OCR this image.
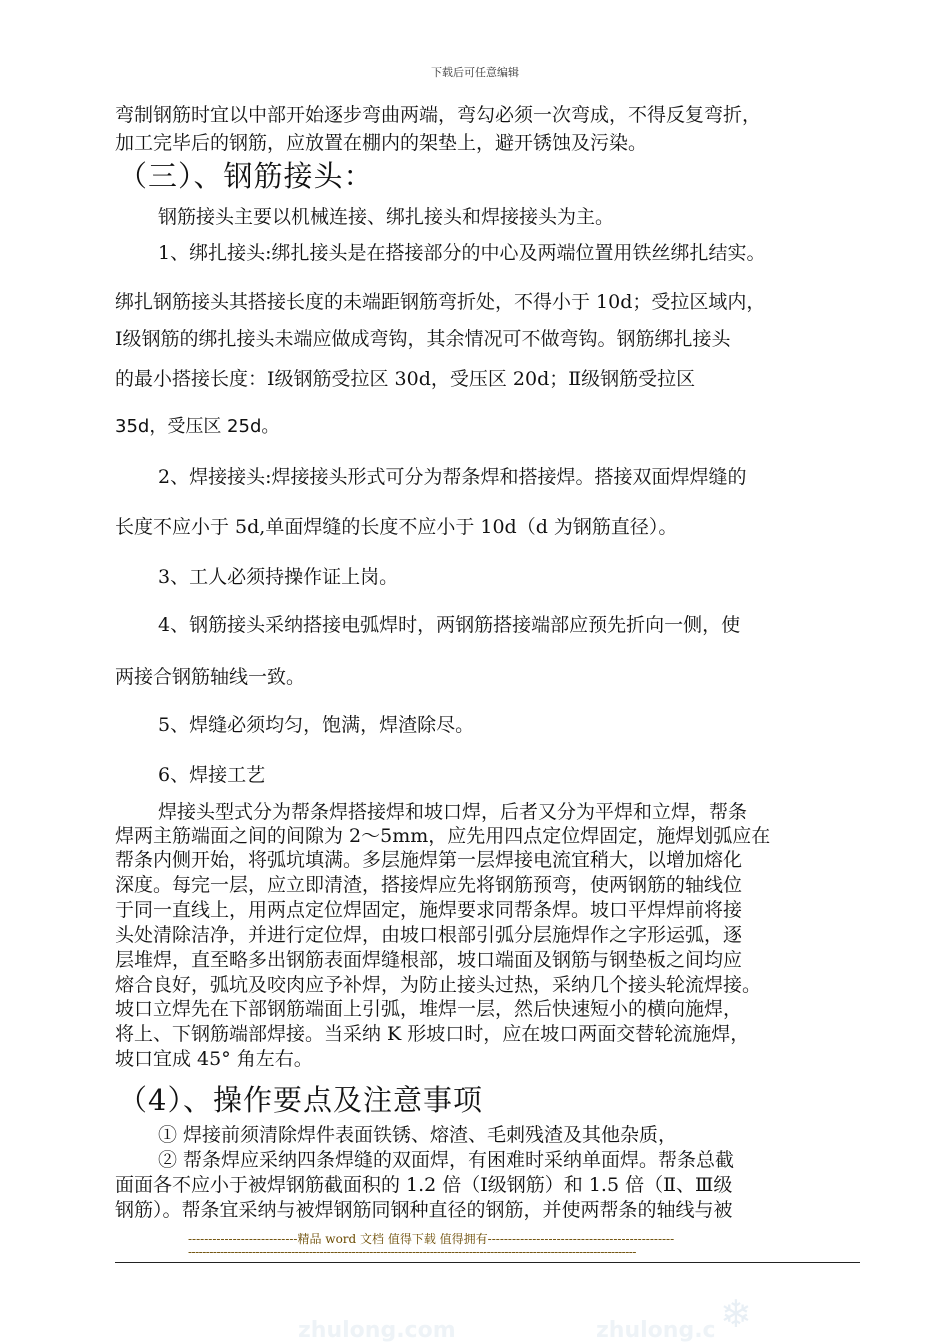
下载后可任意编辑
弯制钢筋时宜以中部开始逐步弯曲两端，弯勾必须一次弯成，不得反复弯折，
加工完毕后的钢筋，应放置在棚内的架垫上，避开锈蚀及污染。
（三）、钢筋接头：
钢筋接头主要以机械连接、绑扎接头和焊接接头为主。
1、绑扎接头:绑扎接头是在搭接部分的中心及两端位置用铁丝绑扎结实。
绑扎钢筋接头其搭接长度的未端距钢筋弯折处，不得小于 10d；受拉区域内，
Ⅰ级钢筋的绑扎接头未端应做成弯钩，其余情况可不做弯钩。钢筋绑扎接头
的最小搭接长度：Ⅰ级钢筋受拉区 30d，受压区 20d；Ⅱ级钢筋受拉区
35d，受压区 25d。
2、焊接接头:焊接接头形式可分为帮条焊和搭接焊。搭接双面焊焊缝的
长度不应小于 5d,单面焊缝的长度不应小于 10d（d 为钢筋直径）。
3、工人必须持操作证上岗。
4、钢筋接头采纳搭接电弧焊时，两钢筋搭接端部应预先折向一侧，使
两接合钢筋轴线一致。
5、焊缝必须均匀，饱满，焊渣除尽。
6、焊接工艺
焊接头型式分为帮条焊搭接焊和坡口焊，后者又分为平焊和立焊，帮条
焊两主筋端面之间的间隙为 2～5mm，应先用四点定位焊固定，施焊划弧应在
帮条内侧开始，将弧坑填满。多层施焊第一层焊接电流宜稍大，以增加熔化
深度。每完一层，应立即清渣，搭接焊应先将钢筋预弯，使两钢筋的轴线位
于同一直线上，用两点定位焊固定，施焊要求同帮条焊。坡口平焊焊前将接
头处清除洁净，并进行定位焊，由坡口根部引弧分层施焊作之字形运弧，逐
层堆焊，直至略多出钢筋表面焊缝根部，坡口端面及钢筋与钢垫板之间均应
熔合良好，弧坑及咬肉应予补焊，为防止接头过热，采纳几个接头轮流焊接。
坡口立焊先在下部钢筋端面上引弧，堆焊一层，然后快速短小的横向施焊，
将上、下钢筋端部焊接。当采纳 K 形坡口时，应在坡口两面交替轮流施焊，
坡口宜成 45° 角左右。
（4）、操作要点及注意事项
① 焊接前须清除焊件表面铁锈、熔渣、毛刺残渣及其他杂质，
② 帮条焊应采纳四条焊缝的双面焊，有困难时采纳单面焊。帮条总截
面面各不应小于被焊钢筋截面积的 1.2 倍（Ⅰ级钢筋）和 1.5 倍（Ⅱ、Ⅲ级
钢筋）。帮条宜采纳与被焊钢筋同钢种直径的钢筋，并使两帮条的轴线与被
---------------------------精品 word 文档 值得下载 值得拥有----------------------------------------------
------------------------------------------------------------------------------------------------------------------------------
zhulong.com	zhulong.c ❄
